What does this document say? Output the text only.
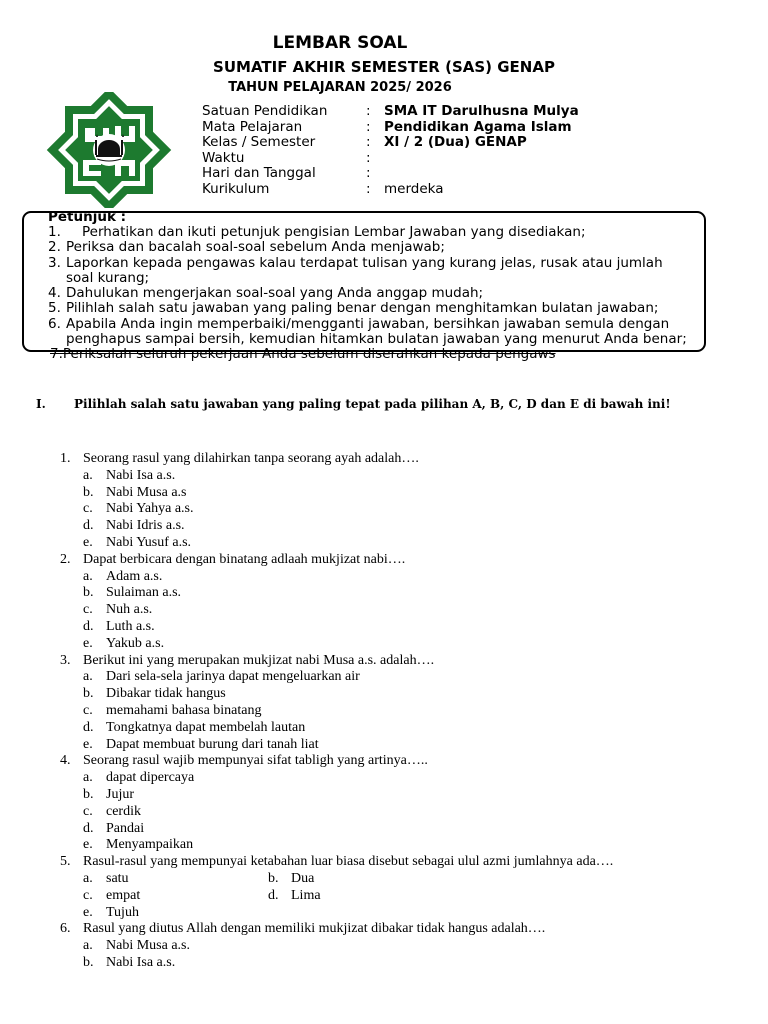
LEMBAR SOAL
SUMATIF AKHIR SEMESTER (SAS) GENAP
TAHUN PELAJARAN 2025/ 2026
Satuan Pendidikan	: SMA IT Darulhusna Mulya
Mata Pelajaran	: Pendidikan Agama Islam
Kelas / Semester	: XI / 2 (Dua) GENAP
Waktu	:
Hari dan Tanggal	:
Kurikulum	: merdeka
Petunjuk :
1. Perhatikan dan ikuti petunjuk pengisian Lembar Jawaban yang disediakan;
2. Periksa dan bacalah soal-soal sebelum Anda menjawab;
3. Laporkan kepada pengawas kalau terdapat tulisan yang kurang jelas, rusak atau jumlah
soal kurang;
4. Dahulukan mengerjakan soal-soal yang Anda anggap mudah;
5. Pilihlah salah satu jawaban yang paling benar dengan menghitamkan bulatan jawaban;
6. Apabila Anda ingin memperbaiki/mengganti jawaban, bersihkan jawaban semula dengan
penghapus sampai bersih, kemudian hitamkan bulatan jawaban yang menurut Anda benar;
7.Periksalah seluruh pekerjaan Anda sebelum diserahkan kepada pengaws
I. Pilihlah salah satu jawaban yang paling tepat pada pilihan A, B, C, D dan E di bawah ini!
1. Seorang rasul yang dilahirkan tanpa seorang ayah adalah….
a. Nabi Isa a.s.
b. Nabi Musa a.s
c. Nabi Yahya a.s.
d. Nabi Idris a.s.
e. Nabi Yusuf a.s.
2. Dapat berbicara dengan binatang adlaah mukjizat nabi….
a. Adam a.s.
b. Sulaiman a.s.
c. Nuh a.s.
d. Luth a.s.
e. Yakub a.s.
3. Berikut ini yang merupakan mukjizat nabi Musa a.s. adalah….
a. Dari sela-sela jarinya dapat mengeluarkan air
b. Dibakar tidak hangus
c. memahami bahasa binatang
d. Tongkatnya dapat membelah lautan
e. Dapat membuat burung dari tanah liat
4. Seorang rasul wajib mempunyai sifat tabligh yang artinya…..
a. dapat dipercaya
b. Jujur
c. cerdik
d. Pandai
e. Menyampaikan
5. Rasul-rasul yang mempunyai ketabahan luar biasa disebut sebagai ulul azmi jumlahnya ada….
a. satu	b. Dua
c. empat	d. Lima
e. Tujuh
6. Rasul yang diutus Allah dengan memiliki mukjizat dibakar tidak hangus adalah….
a. Nabi Musa a.s.
b. Nabi Isa a.s.
